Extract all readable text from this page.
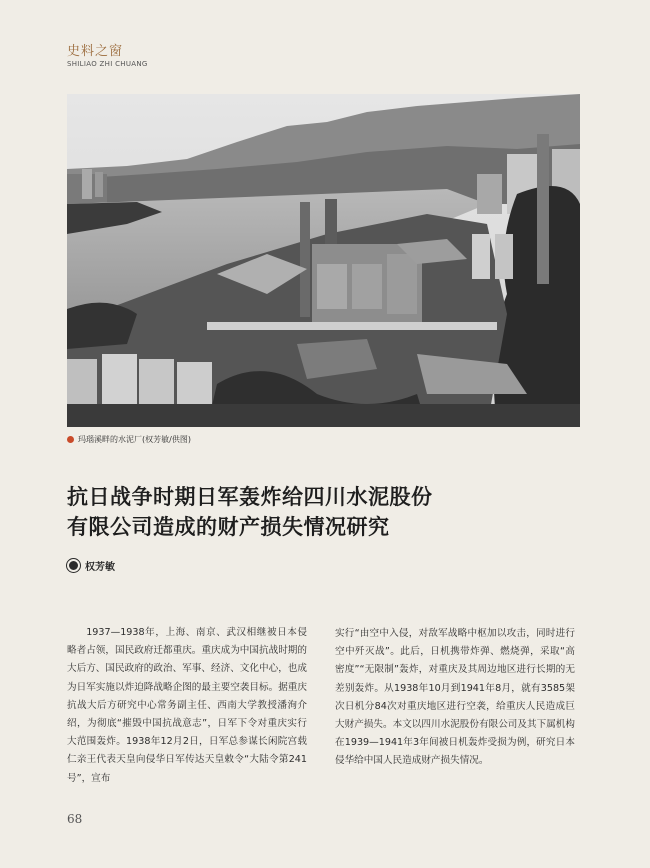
史料之窗
SHILIAO ZHI CHUANG
玛瑙溪畔的水泥厂(权芳敏/供图)
抗日战争时期日军轰炸给四川水泥股份
有限公司造成的财产损失情况研究
权芳敏

1937—1938年，上海、南京、武汉相继被日本侵略者占领，国民政府迁都重庆。重庆成为中国抗战时期的大后方、国民政府的政治、军事、经济、文化中心，也成为日军实施以炸迫降战略企图的最主要空袭目标。据重庆抗战大后方研究中心常务副主任、西南大学教授潘洵介绍，为彻底“摧毁中国抗战意志”，日军下令对重庆实行大范围轰炸。1938年12月2日，日军总参谋长闲院宫载仁亲王代表天皇向侵华日军传达天皇敕令“大陆令第241号”，宣布

实行“由空中入侵，对敌军战略中枢加以攻击，同时进行空中歼灭战”。此后，日机携带炸弹、燃烧弹，采取“高密度”“无限制”轰炸，对重庆及其周边地区进行长期的无差别轰炸。从1938年10月到1941年8月，就有3585架次日机分84次对重庆地区进行空袭，给重庆人民造成巨大财产损失。本文以四川水泥股份有限公司及其下属机构在1939—1941年3年间被日机轰炸受损为例，研究日本侵华给中国人民造成财产损失情况。

68
